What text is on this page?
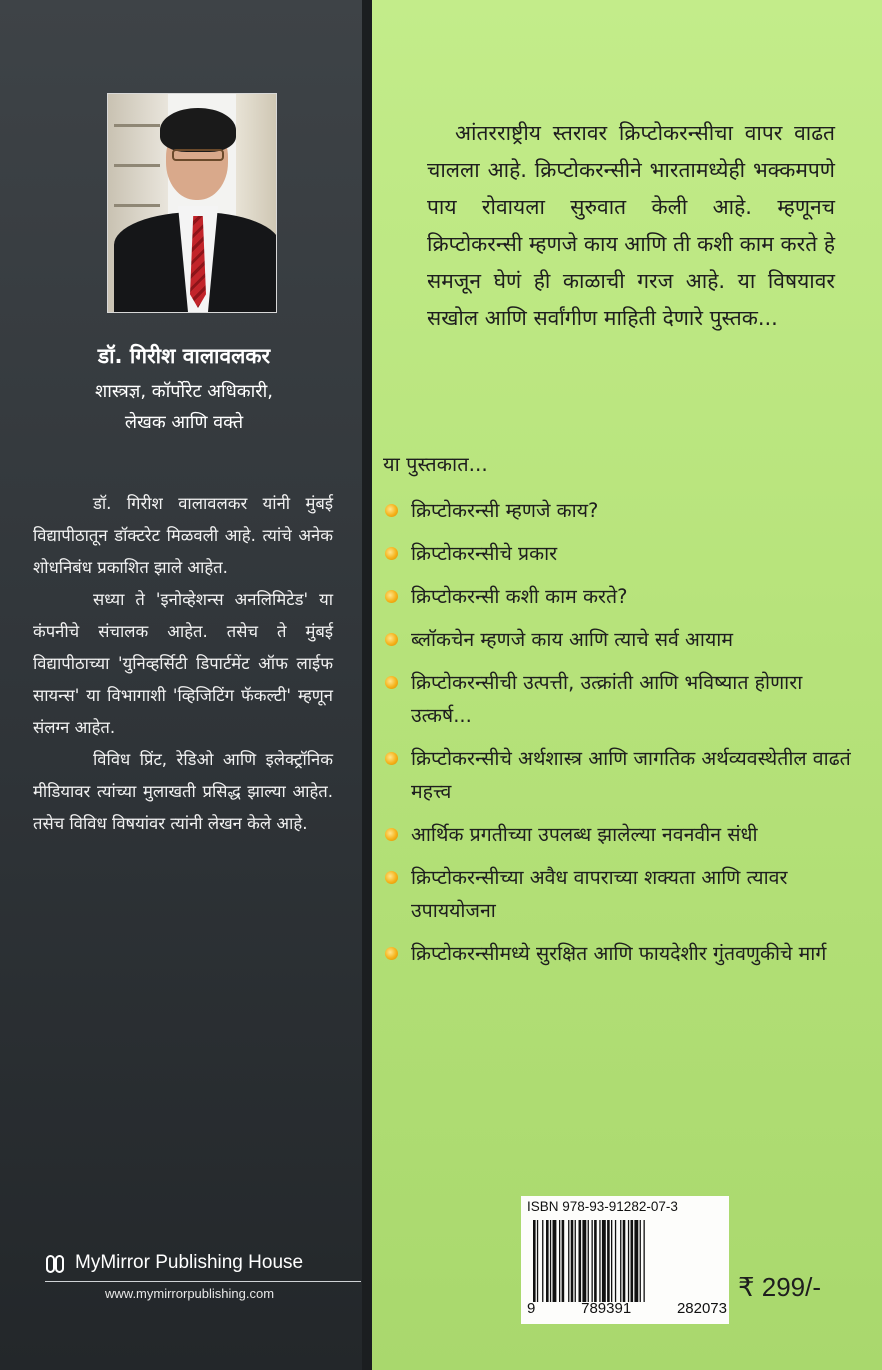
डॉ. गिरीश वालावलकर
शास्त्रज्ञ, कॉर्पोरेट अधिकारी,
लेखक आणि वक्ते

डॉ. गिरीश वालावलकर यांनी मुंबई विद्यापीठातून डॉक्टरेट मिळवली आहे. त्यांचे अनेक शोधनिबंध प्रकाशित झाले आहेत.

सध्या ते 'इनोव्हेशन्स अनलिमिटेड' या कंपनीचे संचालक आहेत. तसेच ते मुंबई विद्यापीठाच्या 'युनिव्हर्सिटी डिपार्टमेंट ऑफ लाईफ सायन्स' या विभागाशी 'व्हिजिटिंग फॅकल्टी' म्हणून संलग्न आहेत.

विविध प्रिंट, रेडिओ आणि इलेक्ट्रॉनिक मीडियावर त्यांच्या मुलाखती प्रसिद्ध झाल्या आहेत. तसेच विविध विषयांवर त्यांनी लेखन केले आहे.

MyMirror Publishing House
www.mymirrorpublishing.com

आंतरराष्ट्रीय स्तरावर क्रिप्टोकरन्सीचा वापर वाढत चालला आहे. क्रिप्टोकरन्सीने भारतामध्येही भक्कमपणे पाय रोवायला सुरुवात केली आहे. म्हणूनच क्रिप्टोकरन्सी म्हणजे काय आणि ती कशी काम करते हे समजून घेणं ही काळाची गरज आहे. या विषयावर सखोल आणि सर्वांगीण माहिती देणारे पुस्तक...

या पुस्तकात...
क्रिप्टोकरन्सी म्हणजे काय?
क्रिप्टोकरन्सीचे प्रकार
क्रिप्टोकरन्सी कशी काम करते?
ब्लॉकचेन म्हणजे काय आणि त्याचे सर्व आयाम
क्रिप्टोकरन्सीची उत्पत्ती, उत्क्रांती आणि भविष्यात होणारा उत्कर्ष...
क्रिप्टोकरन्सीचे अर्थशास्त्र आणि जागतिक अर्थव्यवस्थेतील वाढतं महत्त्व
आर्थिक प्रगतीच्या उपलब्ध झालेल्या नवनवीन संधी
क्रिप्टोकरन्सीच्या अवैध वापराच्या शक्यता आणि त्यावर उपाययोजना
क्रिप्टोकरन्सीमध्ये सुरक्षित आणि फायदेशीर गुंतवणुकीचे मार्ग
ISBN 978-93-91282-07-3
9	789391	282073
₹ 299/-
